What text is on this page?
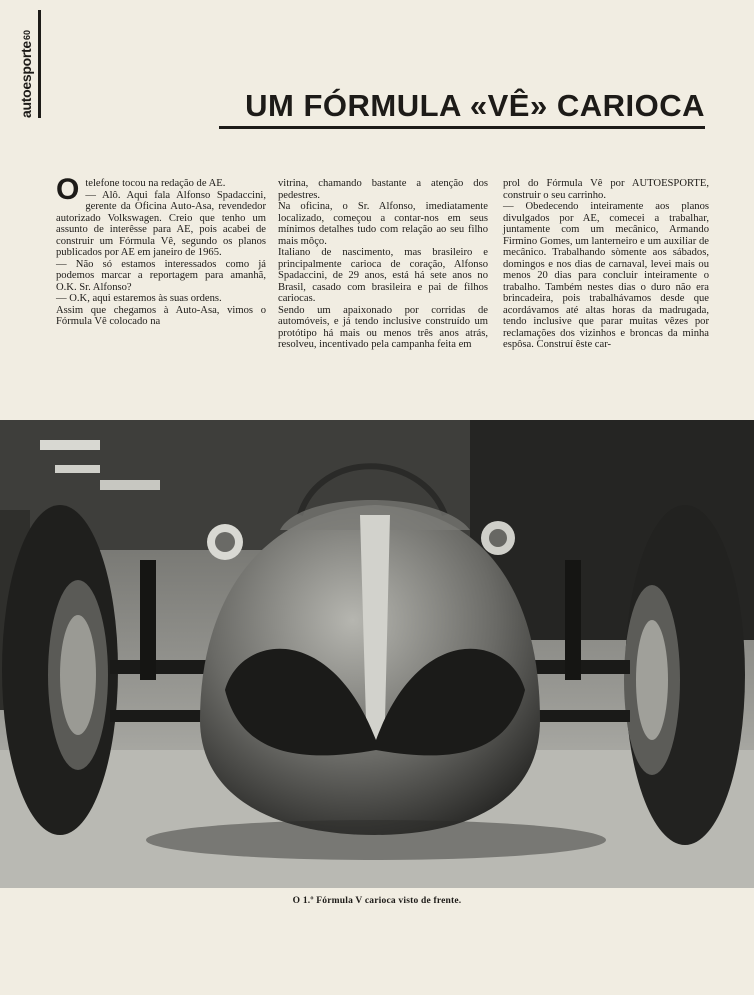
60
autoesporte	UM FÓRMULA «VÊ» CARIOCA

Otelefone tocou na redação de AE.

— Alô. Aqui fala Alfonso Spadaccini, gerente da Oficina Auto-Asa, revendedor autorizado Volkswagen. Creio que tenho um assunto de interêsse para AE, pois acabei de construir um Fórmula Vê, segundo os planos publicados por AE em janeiro de 1965.

— Não só estamos interessados como já podemos marcar a reportagem para amanhã, O.K. Sr. Alfonso?

— O.K, aqui estaremos às suas ordens.

Assim que chegamos à Auto-Asa, vimos o Fórmula Vê colocado na

vitrina, chamando bastante a atenção dos pedestres.

Na oficina, o Sr. Alfonso, imediatamente localizado, começou a contar-nos em seus mínimos detalhes tudo com relação ao seu filho mais môço.

Italiano de nascimento, mas brasileiro e principalmente carioca de coração, Alfonso Spadaccini, de 29 anos, está há sete anos no Brasil, casado com brasileira e pai de filhos cariocas.

Sendo um apaixonado por corridas de automóveis, e já tendo inclusive construído um protótipo há mais ou menos três anos atrás, resolveu, incentivado pela campanha feita em

prol do Fórmula Vê por AUTOESPORTE, construir o seu carrinho.

— Obedecendo inteiramente aos planos divulgados por AE, comecei a trabalhar, juntamente com um mecânico, Armando Firmino Gomes, um lanterneiro e um auxiliar de mecânico. Trabalhando sòmente aos sábados, domingos e nos dias de carnaval, levei mais ou menos 20 dias para concluir inteiramente o trabalho. Também nestes dias o duro não era brincadeira, pois trabalhávamos desde que acordávamos até altas horas da madrugada, tendo inclusive que parar muitas vêzes por reclamações dos vizinhos e broncas da minha espôsa. Construí êste car-

O 1.º Fórmula V carioca visto de frente.
